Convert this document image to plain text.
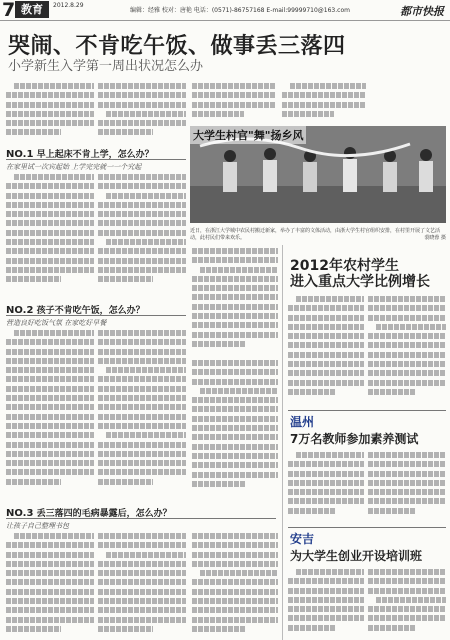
7 教育	2012.8.29
编辑：经雅 校对：唐艳 电话：(0571)-86757168 E-mail:99999710@163.com	都市快报
哭闹、不肯吃午饭、做事丢三落四
小学新生入学第一周出状况怎么办
NO.1 早上起床不肯上学，怎么办？
在家里试一次宾起始 上学完完就一一个究起
大学生村官"舞"扬乡风
近日，在浙江大学城中农民村搬迁新家，举办了丰富的文体活动，由浙大学生村官组织安排，在村里开展了文艺活动，此村民们带来欢乐。	裘晓蓉 摄
2012年农村学生
进入重点大学比例增长
NO.2 孩子不肯吃午饭，怎么办？
营造良好吃饭气氛 在家吃好早餐
温州
7万名教师参加素养测试
NO.3 丢三落四的毛病暴露后，怎么办？
让孩子自己整理书包
安吉
为大学生创业开设培训班
